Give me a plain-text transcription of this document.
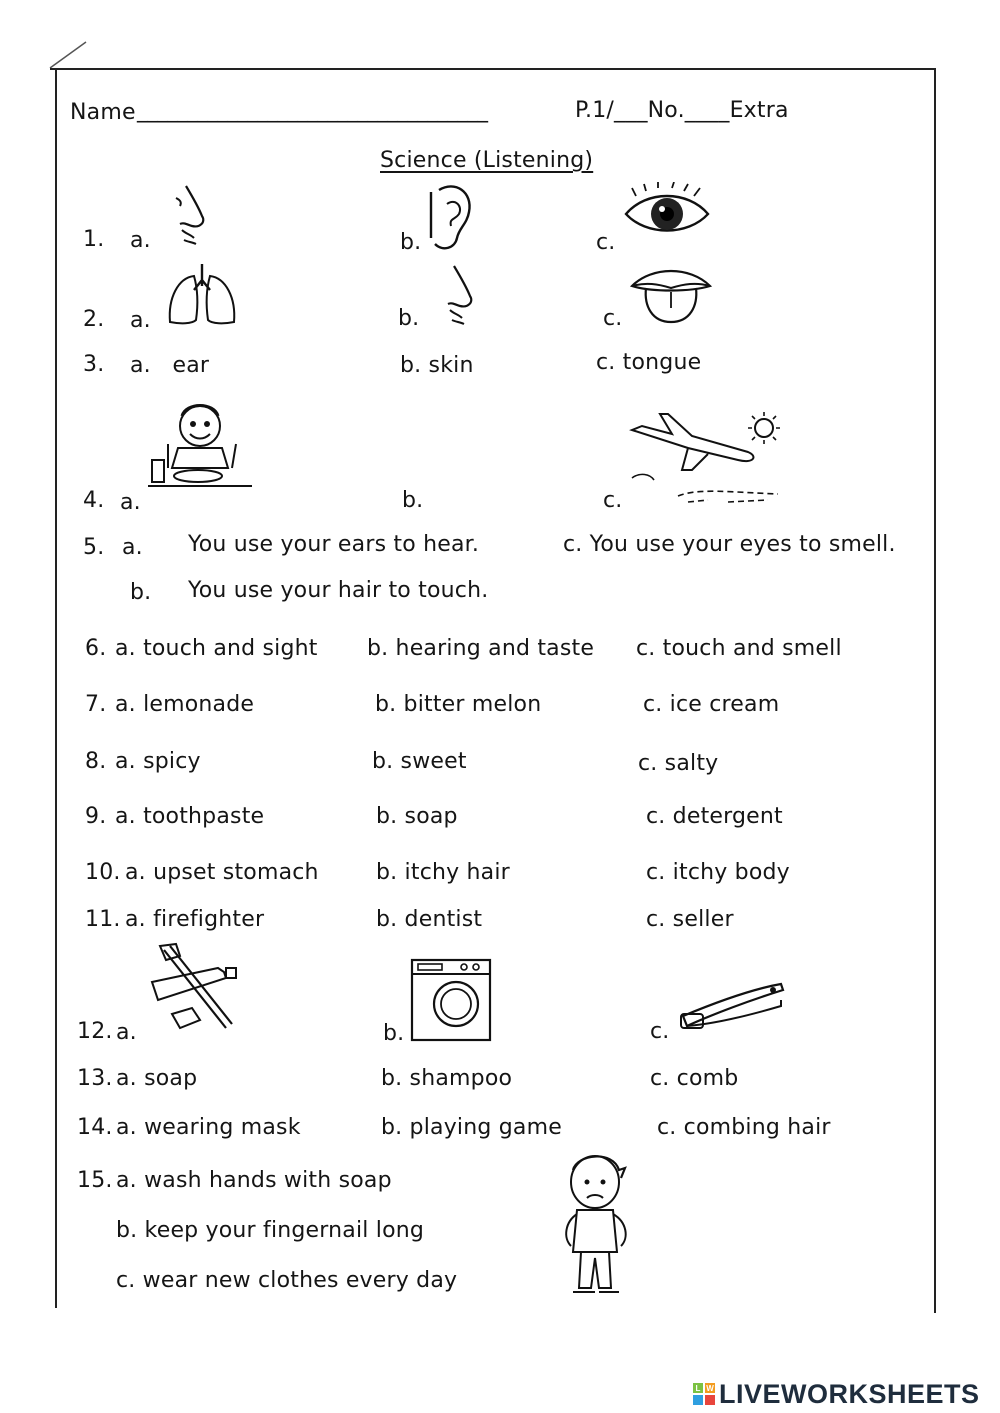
Name ___________________________________	P.1/___No.____Extra
Science (Listening)
1. a.	b.	c.
2. a.	b.	c.
3. a.   ear	b. skin	c. tongue
4. a.	b.	c.
5. a. You use your ears to hear.	c. You use your eyes to smell.
b. You use your hair to touch.
6. a. touch and sight b. hearing and taste c. touch and smell
7. a. lemonade	b. bitter melon	c. ice cream
8. a. spicy	b. sweet	c. salty
9. a. toothpaste	b. soap	c. detergent
10. a. upset stomach	b. itchy hair	c. itchy body
11. a. firefighter	b. dentist	c. seller
12. a.	b.	c.
13. a. soap	b. shampoo	c. comb
14. a. wearing mask	b. playing game	c. combing hair
15. a. wash hands with soap
b. keep your fingernail long
c. wear new clothes every day
L W LIVEWORKSHEETS
